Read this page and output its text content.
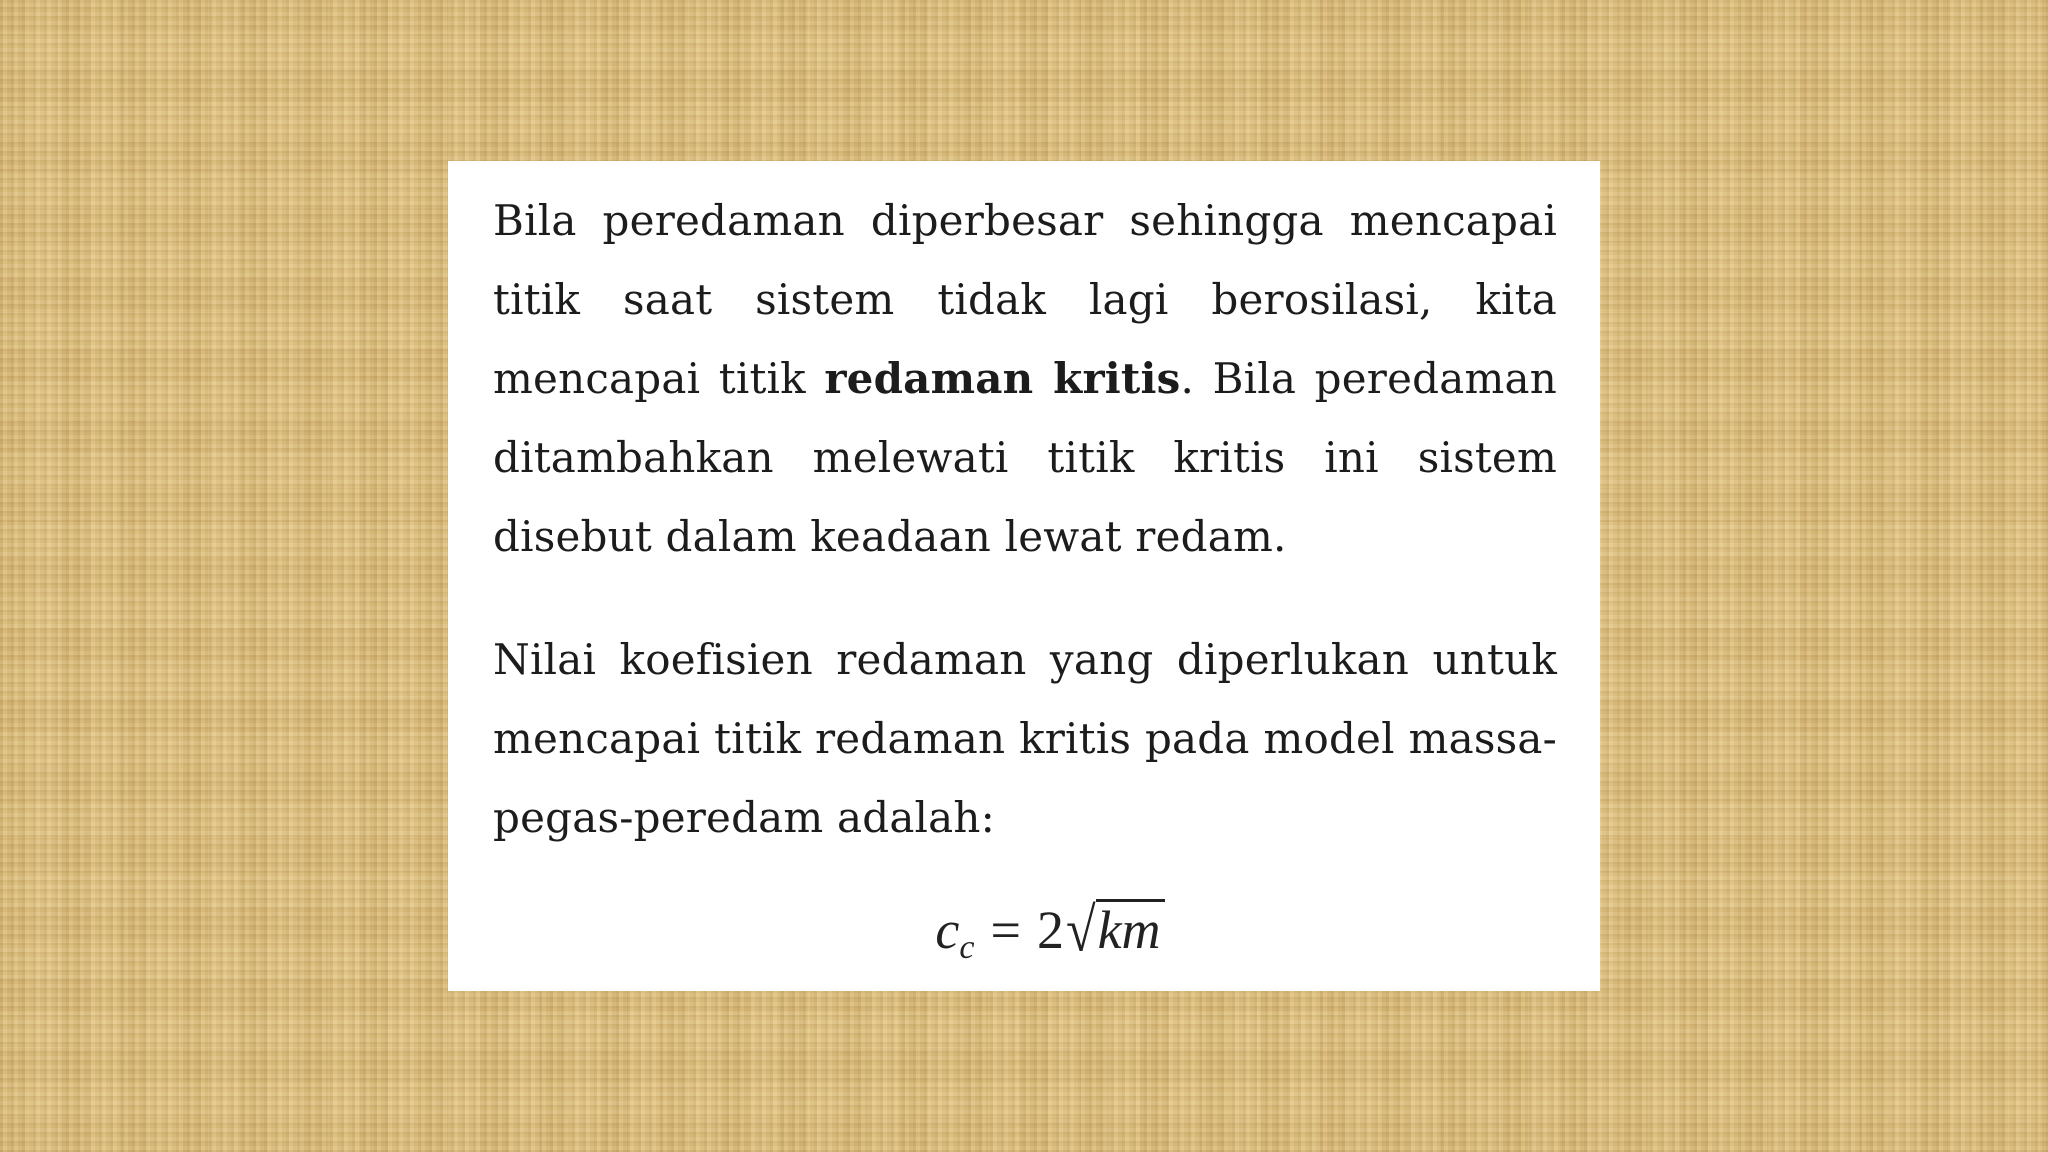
Bila peredaman diperbesar sehingga mencapai titik saat sistem tidak lagi berosilasi, kita mencapai titik redaman kritis. Bila peredaman ditambahkan melewati titik kritis ini sistem disebut dalam keadaan lewat redam.

Nilai koefisien redaman yang diperlukan untuk mencapai titik redaman kritis pada model massa-pegas-peredam adalah:

$c_c = 2√km$
